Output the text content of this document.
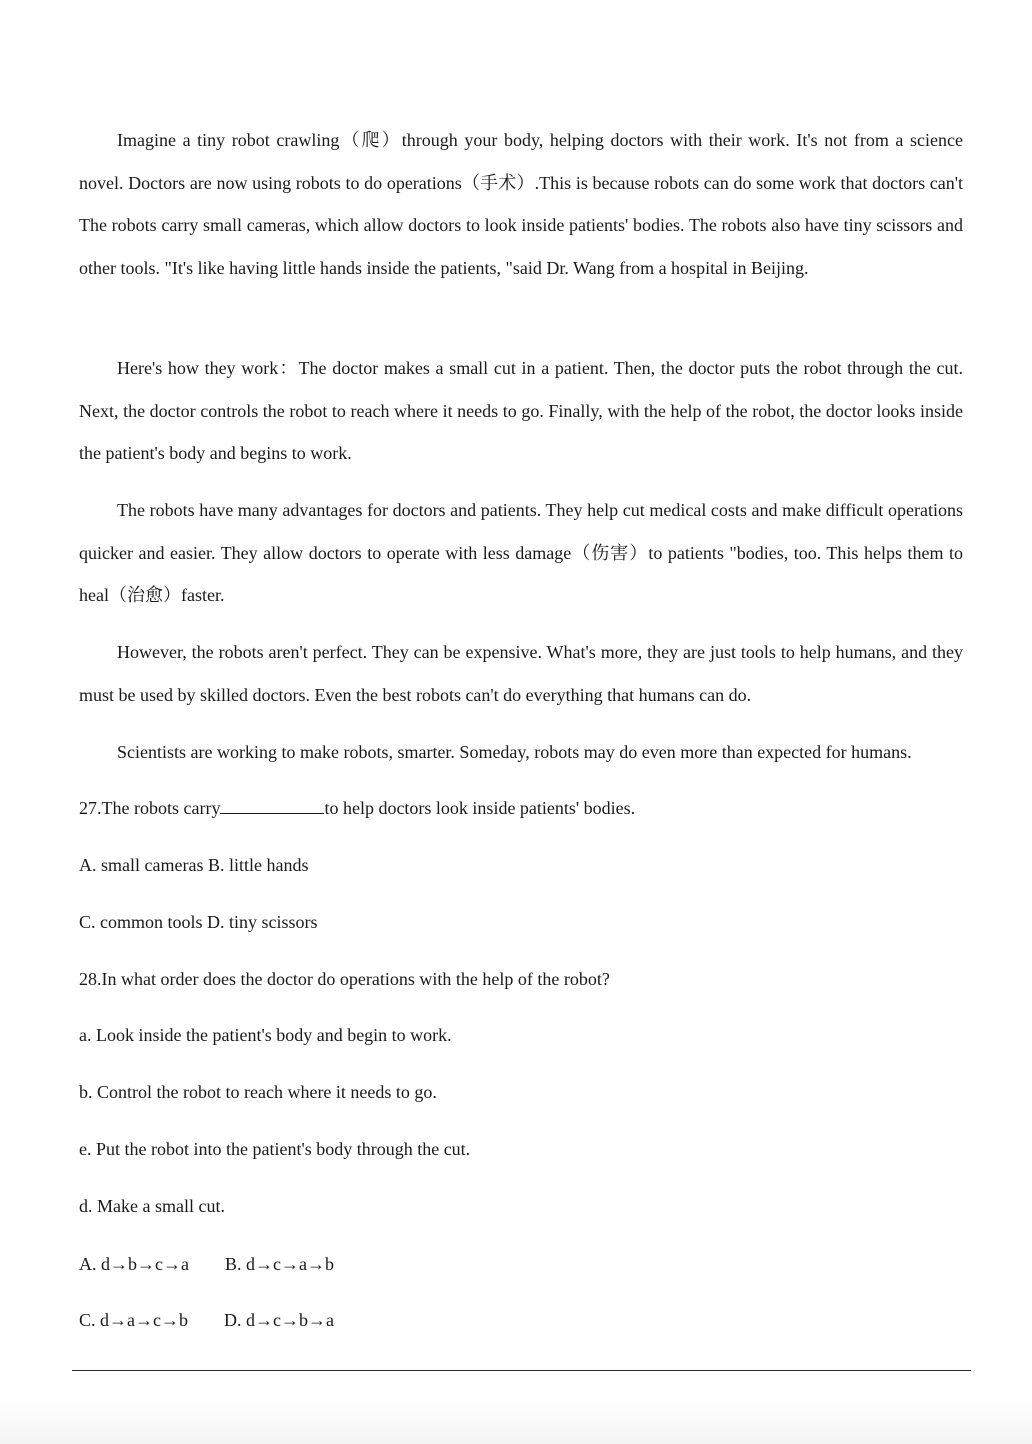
Imagine a tiny robot crawling（爬）through your body, helping doctors with their work. It's not from a science novel. Doctors are now using robots to do operations（手术）.This is because robots can do some work that doctors can't The robots carry small cameras, which allow doctors to look inside patients' bodies. The robots also have tiny scissors and other tools. "It's like having little hands inside the patients, "said Dr. Wang from a hospital in Beijing.

Here's how they work：The doctor makes a small cut in a patient. Then, the doctor puts the robot through the cut. Next, the doctor controls the robot to reach where it needs to go. Finally, with the help of the robot, the doctor looks inside the patient's body and begins to work.

The robots have many advantages for doctors and patients. They help cut medical costs and make difficult operations quicker and easier. They allow doctors to operate with less damage（伤害）to patients "bodies, too. This helps them to heal（治愈）faster.

However, the robots aren't perfect. They can be expensive. What's more, they are just tools to help humans, and they must be used by skilled doctors. Even the best robots can't do everything that humans can do.

Scientists are working to make robots, smarter. Someday, robots may do even more than expected for humans.

27.The robots carry	to help doctors look inside patients' bodies.

A. small cameras B. little hands

C. common tools D. tiny scissors

28.In what order does the doctor do operations with the help of the robot?

a. Look inside the patient's body and begin to work.

b. Control the robot to reach where it needs to go.

e. Put the robot into the patient's body through the cut.

d. Make a small cut.

A. d→b→c→a B. d→c→a→b

C. d→a→c→b D. d→c→b→a
